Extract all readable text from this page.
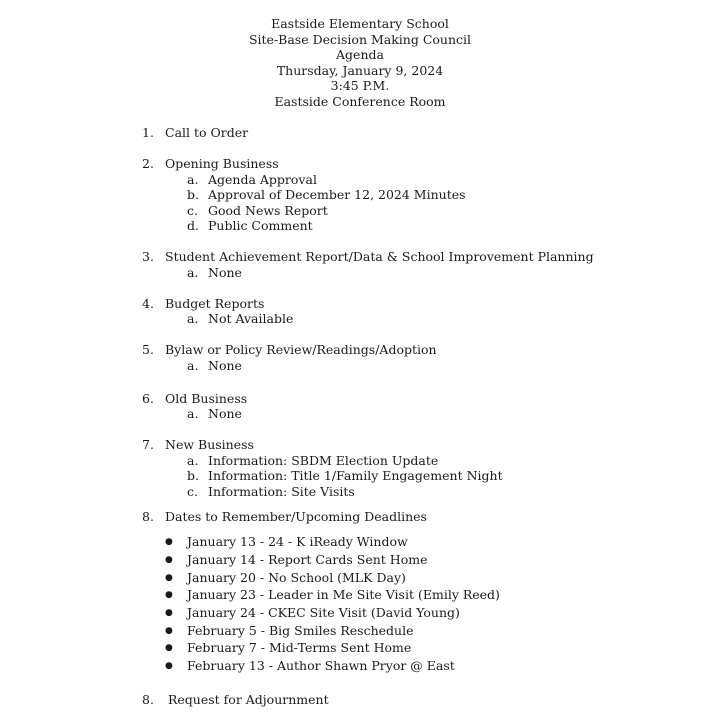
Eastside Elementary School
Site-Base Decision Making Council
Agenda
Thursday, January 9, 2024
3:45 P.M.
Eastside Conference Room
1. Call to Order
2. Opening Business
a. Agenda Approval
b. Approval of December 12, 2024 Minutes
c. Good News Report
d. Public Comment
3. Student Achievement Report/Data & School Improvement Planning
a. None
4. Budget Reports
a. Not Available
5. Bylaw or Policy Review/Readings/Adoption
a. None
6. Old Business
a. None
7. New Business
a. Information: SBDM Election Update
b. Information: Title 1/Family Engagement Night
c. Information: Site Visits
8. Dates to Remember/Upcoming Deadlines
● January 13 - 24 - K iReady Window
● January 14 - Report Cards Sent Home
● January 20 - No School (MLK Day)
● January 23 - Leader in Me Site Visit (Emily Reed)
● January 24 - CKEC Site Visit (David Young)
● February 5 - Big Smiles Reschedule
● February 7 - Mid-Terms Sent Home
● February 13 - Author Shawn Pryor @ East
8. Request for Adjournment
